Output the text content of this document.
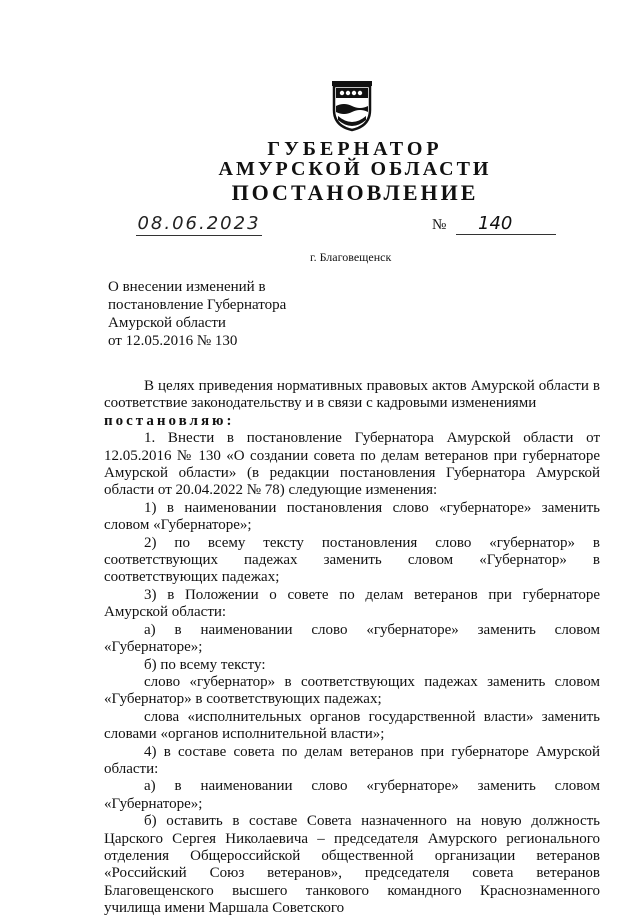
ГУБЕРНАТОР
АМУРСКОЙ ОБЛАСТИ
ПОСТАНОВЛЕНИЕ
08.06.2023	№	140
г. Благовещенск
О внесении изменений в
постановление Губернатора
Амурской области
от 12.05.2016 № 130

В целях приведения нормативных правовых актов Амурской области в соответствие законодательству и в связи с кадровыми изменениями

постановляю:

1. Внести в постановление Губернатора Амурской области от 12.05.2016 № 130 «О создании совета по делам ветеранов при губернаторе Амурской области» (в редакции постановления Губернатора Амурской области от 20.04.2022 № 78) следующие изменения:

1) в наименовании постановления слово «губернаторе» заменить словом «Губернаторе»;

2) по всему тексту постановления слово «губернатор» в соответствующих падежах заменить словом «Губернатор» в соответствующих падежах;

3) в Положении о совете по делам ветеранов при губернаторе Амурской области:

а) в наименовании слово «губернаторе» заменить словом «Губернаторе»;

б) по всему тексту:

слово «губернатор» в соответствующих падежах заменить словом «Губернатор» в соответствующих падежах;

слова «исполнительных органов государственной власти» заменить словами «органов исполнительной власти»;

4) в составе совета по делам ветеранов при губернаторе Амурской области:

а) в наименовании слово «губернаторе» заменить словом «Губернаторе»;

б) оставить в составе Совета назначенного на новую должность Царского Сергея Николаевича – председателя Амурского регионального отделения Общероссийской общественной организации ветеранов «Российский Союз ветеранов», председателя совета ветеранов Благовещенского высшего танкового командного Краснознаменного училища имени Маршала Советского
